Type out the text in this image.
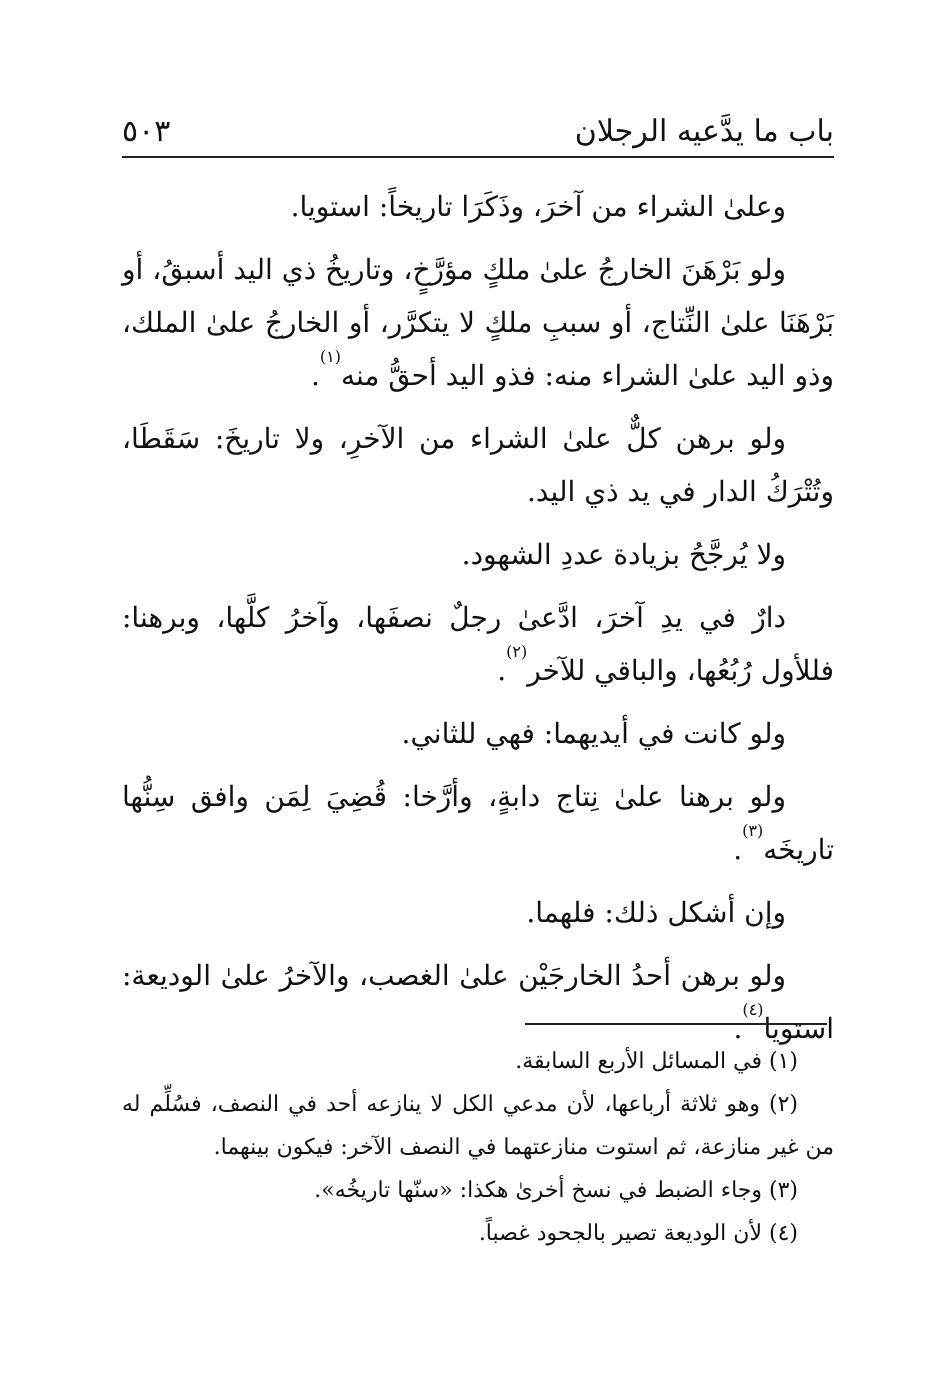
باب ما يدَّعيه الرجلان
٥٠٣

وعلىٰ الشراء من آخرَ، وذَكَرَا تاريخاً: استويا.

ولو بَرْهَنَ الخارجُ علىٰ ملكٍ مؤرَّخٍ، وتاريخُ ذي اليد أسبقُ، أو بَرْهَنَا علىٰ النِّتاج، أو سببِ ملكٍ لا يتكرَّر، أو الخارجُ علىٰ الملك، وذو اليد علىٰ الشراء منه: فذو اليد أحقُّ منه$^{(١)}$.

ولو برهن كلٌّ علىٰ الشراء من الآخرِ، ولا تاريخَ: سَقَطَا، وتُتْرَكُ الدار في يد ذي اليد.

ولا يُرجَّحُ بزيادة عددِ الشهود.

دارٌ في يدِ آخرَ، ادَّعىٰ رجلٌ نصفَها، وآخرُ كلَّها، وبرهنا: فللأول رُبُعُها، والباقي للآخر$^{(٢)}$.

ولو كانت في أيديهما: فهي للثاني.

ولو برهنا علىٰ نِتاج دابةٍ، وأرَّخا: قُضِيَ لِمَن وافق سِنُّها تاريخَه$^{(٣)}$.

وإن أشكل ذلك: فلهما.

ولو برهن أحدُ الخارجَيْن علىٰ الغصب، والآخرُ علىٰ الوديعة: استويا$^{(٤)}$.

(١) في المسائل الأربع السابقة.

(٢) وهو ثلاثة أرباعها، لأن مدعي الكل لا ينازعه أحد في النصف، فسُلِّم له من غير منازعة، ثم استوت منازعتهما في النصف الآخر: فيكون بينهما.

(٣) وجاء الضبط في نسخ أخرىٰ هكذا: «سنّها تاريخُه».

(٤) لأن الوديعة تصير بالجحود غصباً.
